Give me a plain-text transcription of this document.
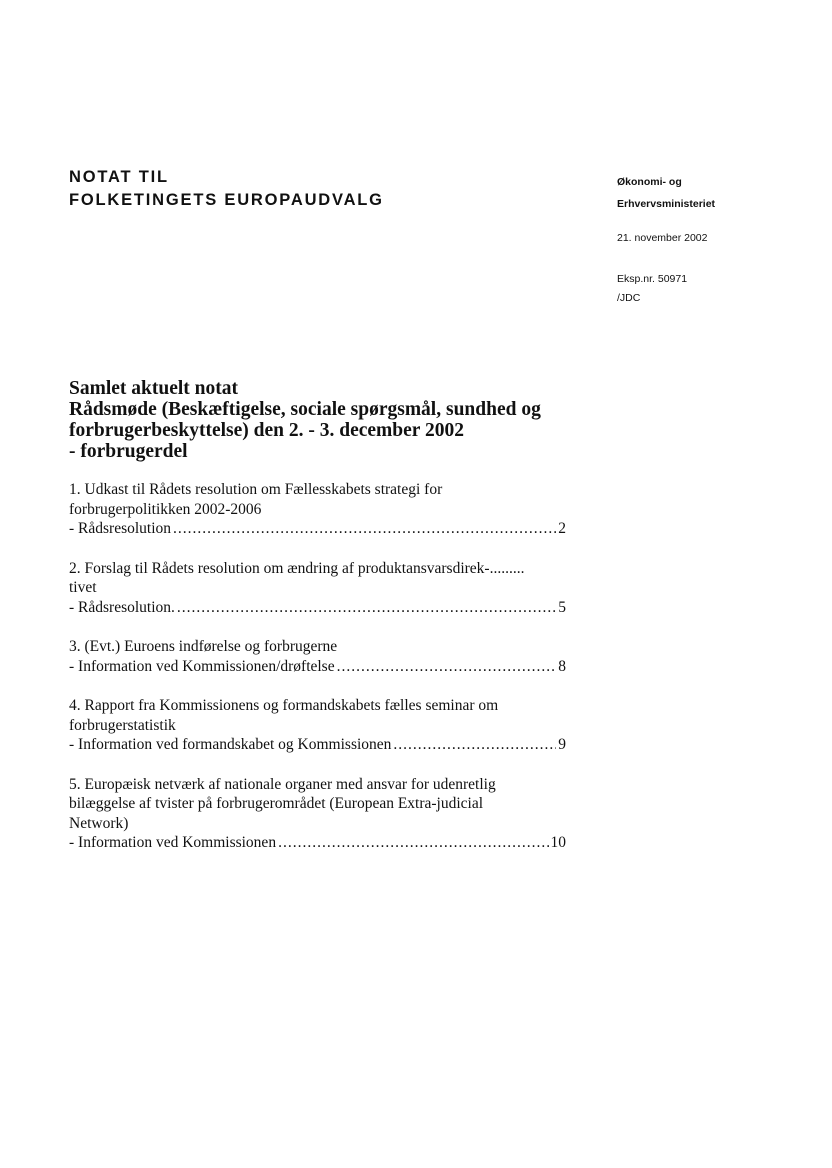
NOTAT TIL
FOLKETINGETS EUROPAUDVALG
Økonomi- og
Erhvervsministeriet
21. november 2002
Eksp.nr. 50971
/JDC
Samlet aktuelt notat
Rådsmøde (Beskæftigelse, sociale spørgsmål, sundhed og
forbrugerbeskyttelse) den 2. - 3. december 2002
- forbrugerdel
1. Udkast til Rådets resolution om Fællesskabets strategi for
forbrugerpolitikken 2002-2006
- Rådsresolution .....	2
2. Forslag til Rådets resolution om ændring af produktansvarsdirek-.........
tivet
- Rådsresolution. .....	5
3. (Evt.) Euroens indførelse og forbrugerne
- Information ved Kommissionen/drøftelse .....	8
4. Rapport fra Kommissionens og formandskabets fælles seminar om
forbrugerstatistik
- Information ved formandskabet og Kommissionen .....	9
5. Europæisk netværk af nationale organer med ansvar for udenretlig
bilæggelse af tvister på forbrugerområdet (European Extra-judicial
Network)
- Information ved Kommissionen .....	10
